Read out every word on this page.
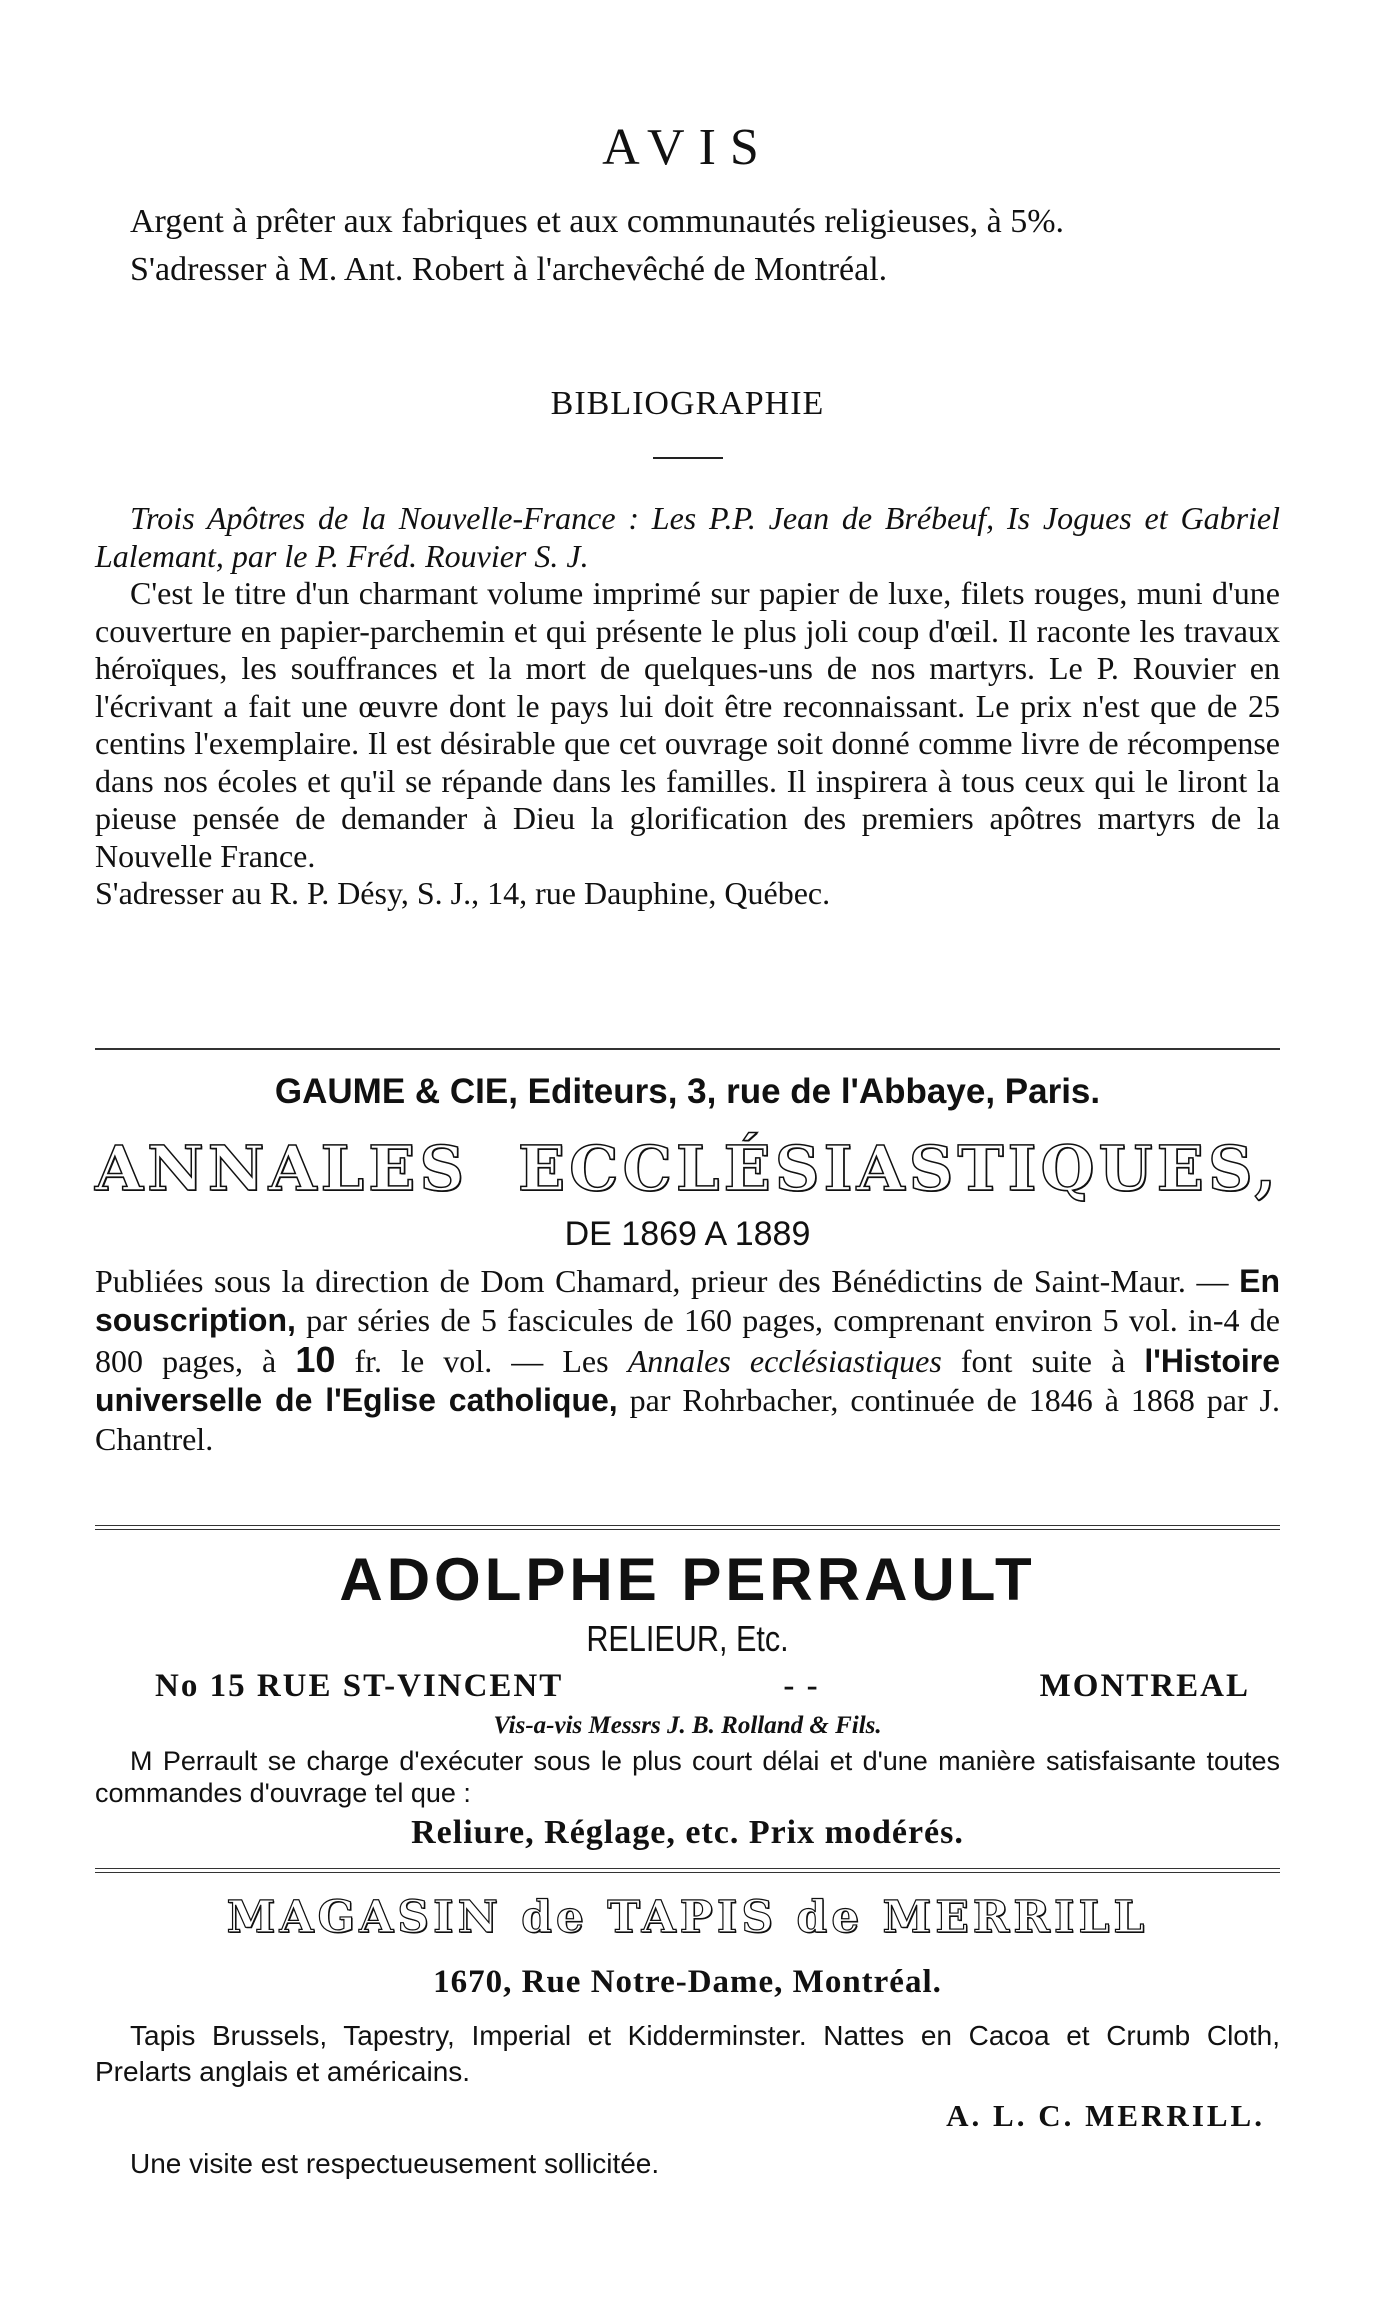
AVIS

Argent à prêter aux fabriques et aux communautés religieuses, à 5%.

S'adresser à M. Ant. Robert à l'archevêché de Montréal.

BIBLIOGRAPHIE

Trois Apôtres de la Nouvelle-France : Les P.P. Jean de Brébeuf, Is Jogues et Gabriel Lalemant, par le P. Fréd. Rouvier S. J.

C'est le titre d'un charmant volume imprimé sur papier de luxe, filets rouges, muni d'une couverture en papier-parchemin et qui présente le plus joli coup d'œil. Il raconte les travaux héroïques, les souffrances et la mort de quelques-uns de nos martyrs. Le P. Rouvier en l'écrivant a fait une œuvre dont le pays lui doit être reconnaissant. Le prix n'est que de 25 centins l'exemplaire. Il est désirable que cet ouvrage soit donné comme livre de récompense dans nos écoles et qu'il se répande dans les familles. Il inspirera à tous ceux qui le liront la pieuse pensée de demander à Dieu la glorification des premiers apôtres martyrs de la Nouvelle France.

S'adresser au R. P. Désy, S. J., 14, rue Dauphine, Québec.

GAUME & CIE, Editeurs, 3, rue de l'Abbaye, Paris.
ANNALES ECCLÉSIASTIQUES,
DE 1869 A 1889

Publiées sous la direction de Dom Chamard, prieur des Bénédictins de Saint-Maur. — En souscription, par séries de 5 fascicules de 160 pages, comprenant environ 5 vol. in-4 de 800 pages, à 10 fr. le vol. — Les Annales ecclésiastiques font suite à l'Histoire universelle de l'Eglise catholique, par Rohrbacher, continuée de 1846 à 1868 par J. Chantrel.

ADOLPHE PERRAULT
RELIEUR, Etc.
No 15 RUE ST-VINCENT	- -	MONTREAL
Vis-a-vis Messrs J. B. Rolland & Fils.

M Perrault se charge d'exécuter sous le plus court délai et d'une manière satisfaisante toutes commandes d'ouvrage tel que :

Reliure, Réglage, etc. Prix modérés.
MAGASIN de TAPIS de MERRILL
1670, Rue Notre-Dame, Montréal.

Tapis Brussels, Tapestry, Imperial et Kidderminster. Nattes en Cacoa et Crumb Cloth, Prelarts anglais et américains.

A. L. C. MERRILL.
Une visite est respectueusement sollicitée.
